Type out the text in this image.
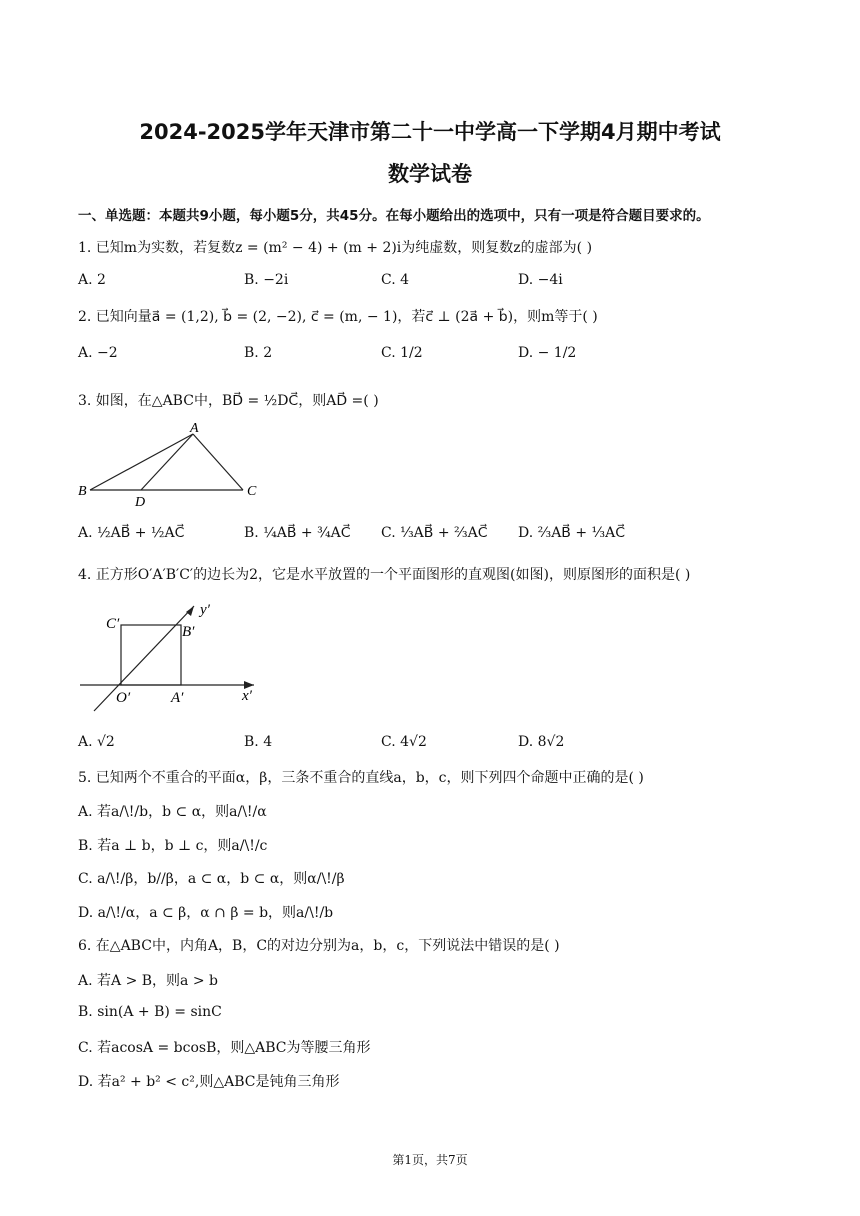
2024-2025学年天津市第二十一中学高一下学期4月期中考试
数学试卷
一、单选题：本题共9小题，每小题5分，共45分。在每小题给出的选项中，只有一项是符合题目要求的。
1. 已知m为实数，若复数z = (m² − 4) + (m + 2)i为纯虚数，则复数z的虚部为( )
A. 2	B. −2i	C. 4	D. −4i
2. 已知向量a⃗ = (1,2), b⃗ = (2, −2), c⃗ = (m, − 1)，若c⃗ ⊥ (2a⃗ + b⃗)，则m等于( )
A. −2	B. 2	C. 1/2	D. − 1/2
3. 如图，在△ABC中，BD⃗ = ½DC⃗，则AD⃗ =( )
A
B	C
D
A. ½AB⃗ + ½AC⃗	B. ¼AB⃗ + ¾AC⃗ C. ⅓AB⃗ + ⅔AC⃗ D. ⅔AB⃗ + ⅓AC⃗
4. 正方形O′A′B′C′的边长为2，它是水平放置的一个平面图形的直观图(如图)，则原图形的面积是( )
C′	B′
O′	A′	x′
y′
A. √2	B. 4	C. 4√2	D. 8√2
5. 已知两个不重合的平面α，β，三条不重合的直线a，b，c，则下列四个命题中正确的是( )
A. 若a/\!/b，b ⊂ α，则a/\!/α
B. 若a ⊥ b，b ⊥ c，则a/\!/c
C. a/\!/β，b//β，a ⊂ α，b ⊂ α，则α/\!/β
D. a/\!/α，a ⊂ β，α ∩ β = b，则a/\!/b
6. 在△ABC中，内角A，B，C的对边分别为a，b，c，下列说法中错误的是( )
A. 若A > B，则a > b
B. sin(A + B) = sinC
C. 若acosA = bcosB，则△ABC为等腰三角形
D. 若a² + b² < c²,则△ABC是钝角三角形
第1页，共7页
